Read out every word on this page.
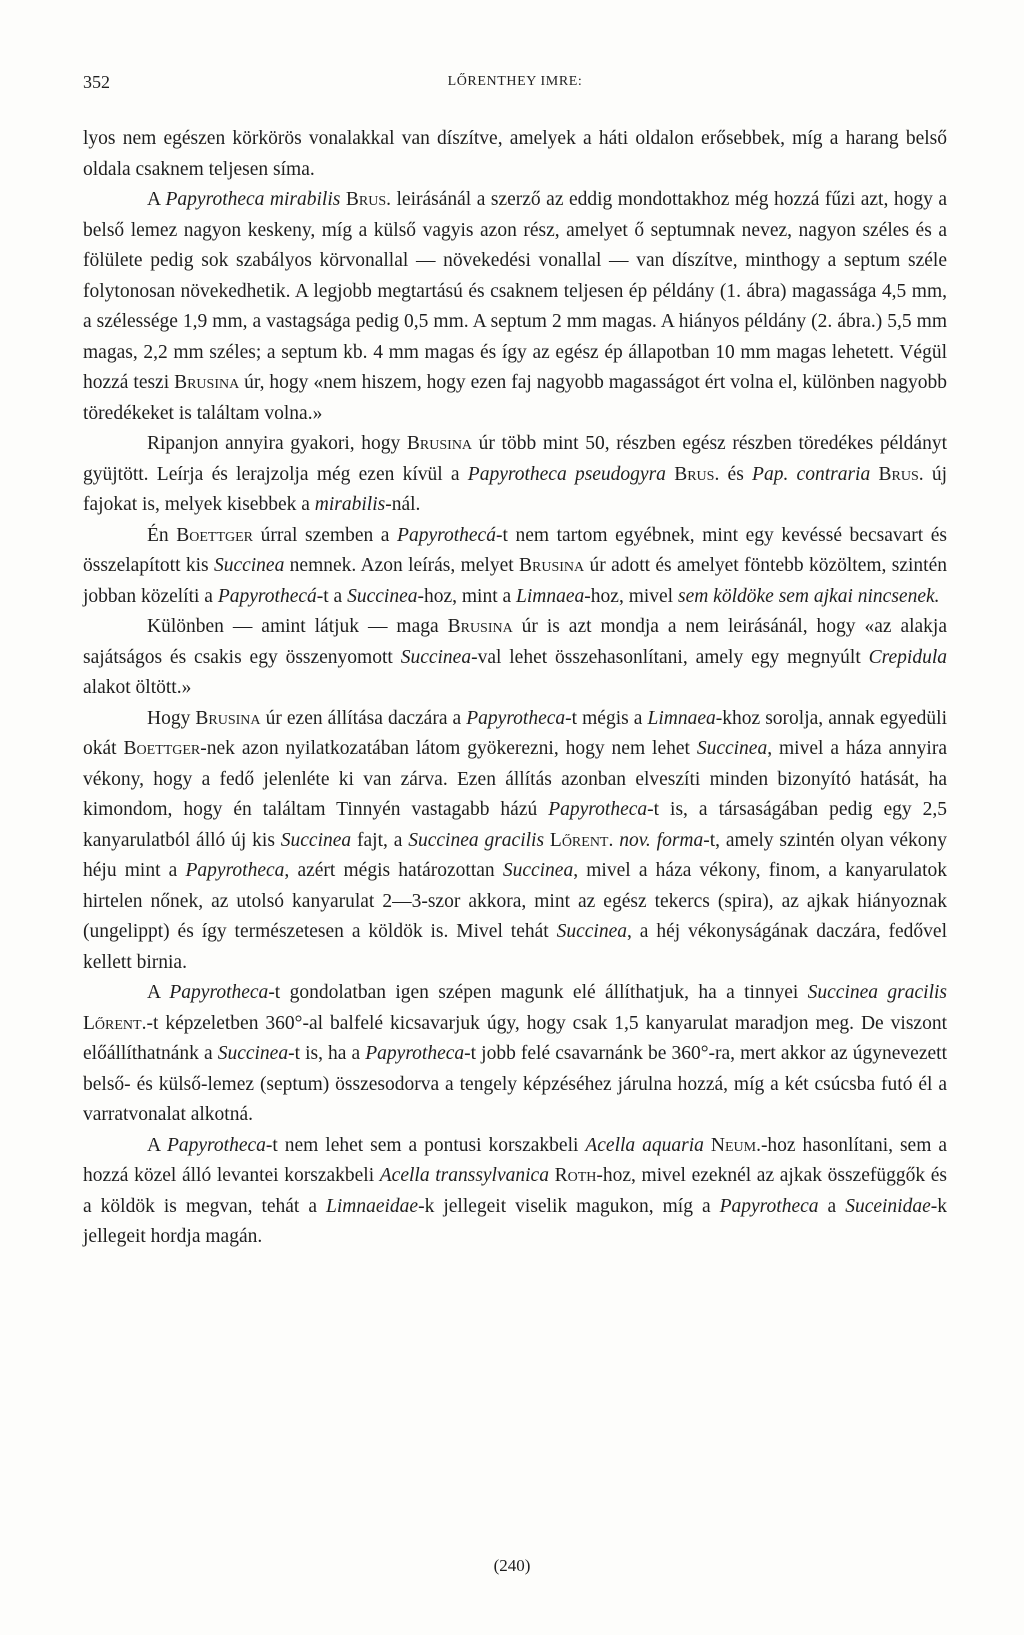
352	LŐRENTHEY IMRE:

lyos nem egészen körkörös vonalakkal van díszítve, amelyek a háti oldalon erősebbek, míg a harang belső oldala csaknem teljesen síma.

A Papyrotheca mirabilis Brus. leirásánál a szerző az eddig mondottakhoz még hozzá fűzi azt, hogy a belső lemez nagyon keskeny, míg a külső vagyis azon rész, amelyet ő septumnak nevez, nagyon széles és a fölülete pedig sok szabályos körvonallal — növekedési vonallal — van díszítve, minthogy a septum széle folytonosan növekedhetik. A legjobb megtartású és csaknem teljesen ép példány (1. ábra) magassága 4,5 mm, a szélessége 1,9 mm, a vastagsága pedig 0,5 mm. A septum 2 mm magas. A hiányos példány (2. ábra.) 5,5 mm magas, 2,2 mm széles; a septum kb. 4 mm magas és így az egész ép állapotban 10 mm magas lehetett. Végül hozzá teszi Brusina úr, hogy «nem hiszem, hogy ezen faj nagyobb magasságot ért volna el, különben nagyobb töredékeket is találtam volna.»

Ripanjon annyira gyakori, hogy Brusina úr több mint 50, részben egész részben töredékes példányt gyüjtött. Leírja és lerajzolja még ezen kívül a Papyrotheca pseudogyra Brus. és Pap. contraria Brus. új fajokat is, melyek kisebbek a mirabilis-nál.

Én Boettger úrral szemben a Papyrothecá-t nem tartom egyébnek, mint egy kevéssé becsavart és összelapított kis Succinea nemnek. Azon leírás, melyet Brusina úr adott és amelyet föntebb közöltem, szintén jobban közelíti a Papyrothecá-t a Succinea-hoz, mint a Limnaea-hoz, mivel sem köldöke sem ajkai nincsenek.

Különben — amint látjuk — maga Brusina úr is azt mondja a nem leirásánál, hogy «az alakja sajátságos és csakis egy összenyomott Succinea-val lehet összehasonlítani, amely egy megnyúlt Crepidula alakot öltött.»

Hogy Brusina úr ezen állítása daczára a Papyrotheca-t mégis a Limnaea-khoz sorolja, annak egyedüli okát Boettger-nek azon nyilatkozatában látom gyökerezni, hogy nem lehet Succinea, mivel a háza annyira vékony, hogy a fedő jelenléte ki van zárva. Ezen állítás azonban elveszíti minden bizonyító hatását, ha kimondom, hogy én találtam Tinnyén vastagabb házú Papyrotheca-t is, a társaságában pedig egy 2,5 kanyarulatból álló új kis Succinea fajt, a Succinea gracilis Lőrent. nov. forma-t, amely szintén olyan vékony héju mint a Papyrotheca, azért mégis határozottan Succinea, mivel a háza vékony, finom, a kanyarulatok hirtelen nőnek, az utolsó kanyarulat 2—3-szor akkora, mint az egész tekercs (spira), az ajkak hiányoznak (ungelippt) és így természetesen a köldök is. Mivel tehát Succinea, a héj vékonyságának daczára, fedővel kellett birnia.

A Papyrotheca-t gondolatban igen szépen magunk elé állíthatjuk, ha a tinnyei Succinea gracilis Lőrent.-t képzeletben 360°-al balfelé kicsavarjuk úgy, hogy csak 1,5 kanyarulat maradjon meg. De viszont előállíthatnánk a Succinea-t is, ha a Papyrotheca-t jobb felé csavarnánk be 360°-ra, mert akkor az úgynevezett belső- és külső-lemez (septum) összesodorva a tengely képzéséhez járulna hozzá, míg a két csúcsba futó él a varratvonalat alkotná.

A Papyrotheca-t nem lehet sem a pontusi korszakbeli Acella aquaria Neum.-hoz hasonlítani, sem a hozzá közel álló levantei korszakbeli Acella transsylvanica Roth-hoz, mivel ezeknél az ajkak összefüggők és a köldök is megvan, tehát a Limnaeidae-k jellegeit viselik magukon, míg a Papyrotheca a Suceinidae-k jellegeit hordja magán.

(240)
